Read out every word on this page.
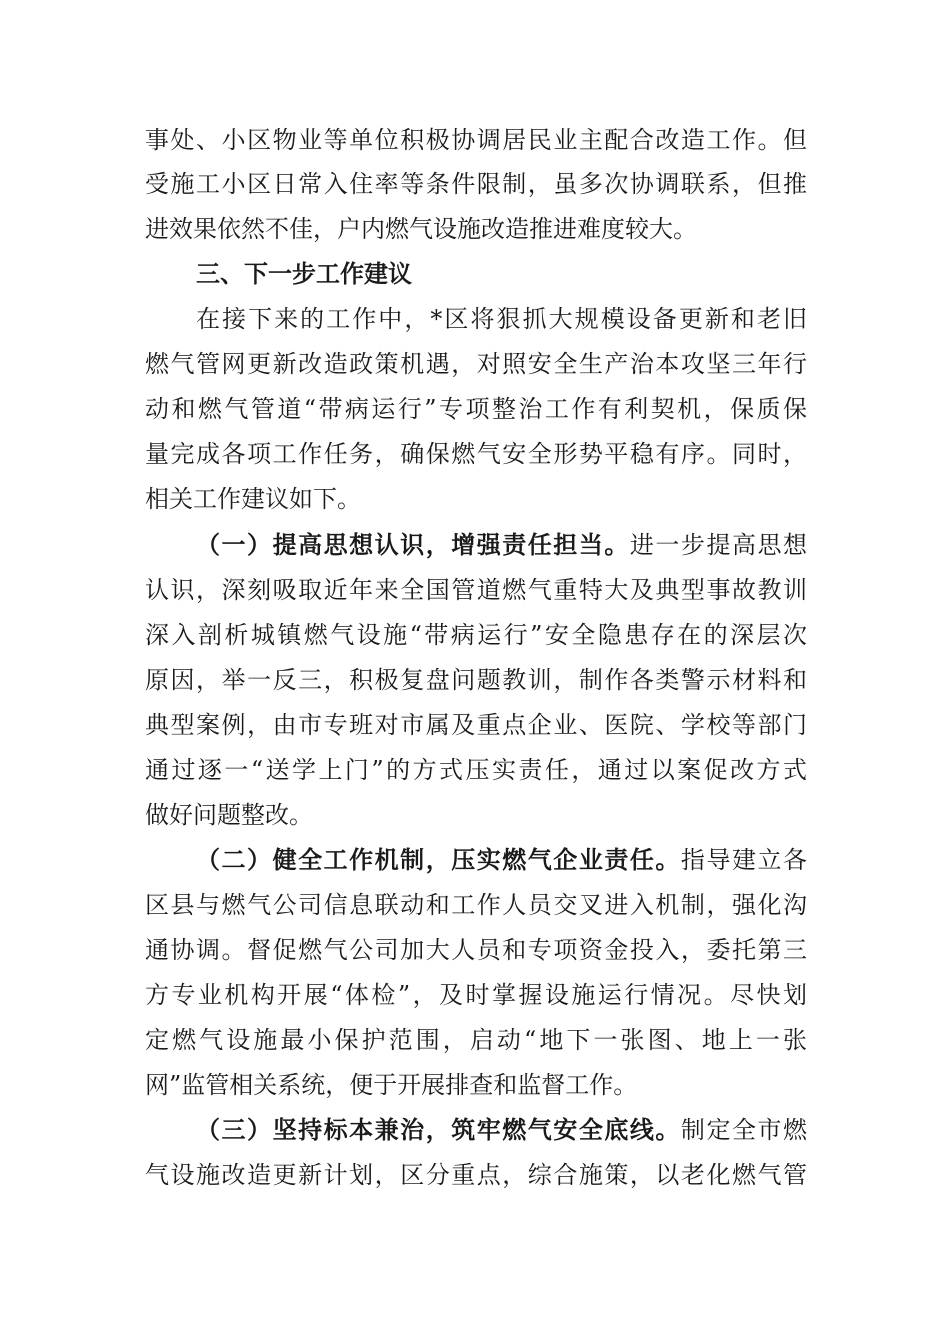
事处、小区物业等单位积极协调居民业主配合改造工作。但
受施工小区日常入住率等条件限制，虽多次协调联系，但推
进效果依然不佳，户内燃气设施改造推进难度较大。
三、下一步工作建议
在接下来的工作中，*区将狠抓大规模设备更新和老旧
燃气管网更新改造政策机遇，对照安全生产治本攻坚三年行
动和燃气管道“带病运行”专项整治工作有利契机，保质保
量完成各项工作任务，确保燃气安全形势平稳有序。同时，
相关工作建议如下。
（一）提高思想认识，增强责任担当。进一步提高思想
认识，深刻吸取近年来全国管道燃气重特大及典型事故教训
深入剖析城镇燃气设施“带病运行”安全隐患存在的深层次
原因，举一反三，积极复盘问题教训，制作各类警示材料和
典型案例，由市专班对市属及重点企业、医院、学校等部门
通过逐一“送学上门”的方式压实责任，通过以案促改方式
做好问题整改。
（二）健全工作机制，压实燃气企业责任。指导建立各
区县与燃气公司信息联动和工作人员交叉进入机制，强化沟
通协调。督促燃气公司加大人员和专项资金投入，委托第三
方专业机构开展“体检”，及时掌握设施运行情况。尽快划
定燃气设施最小保护范围，启动“地下一张图、地上一张
网”监管相关系统，便于开展排查和监督工作。
（三）坚持标本兼治，筑牢燃气安全底线。制定全市燃
气设施改造更新计划，区分重点，综合施策，以老化燃气管
